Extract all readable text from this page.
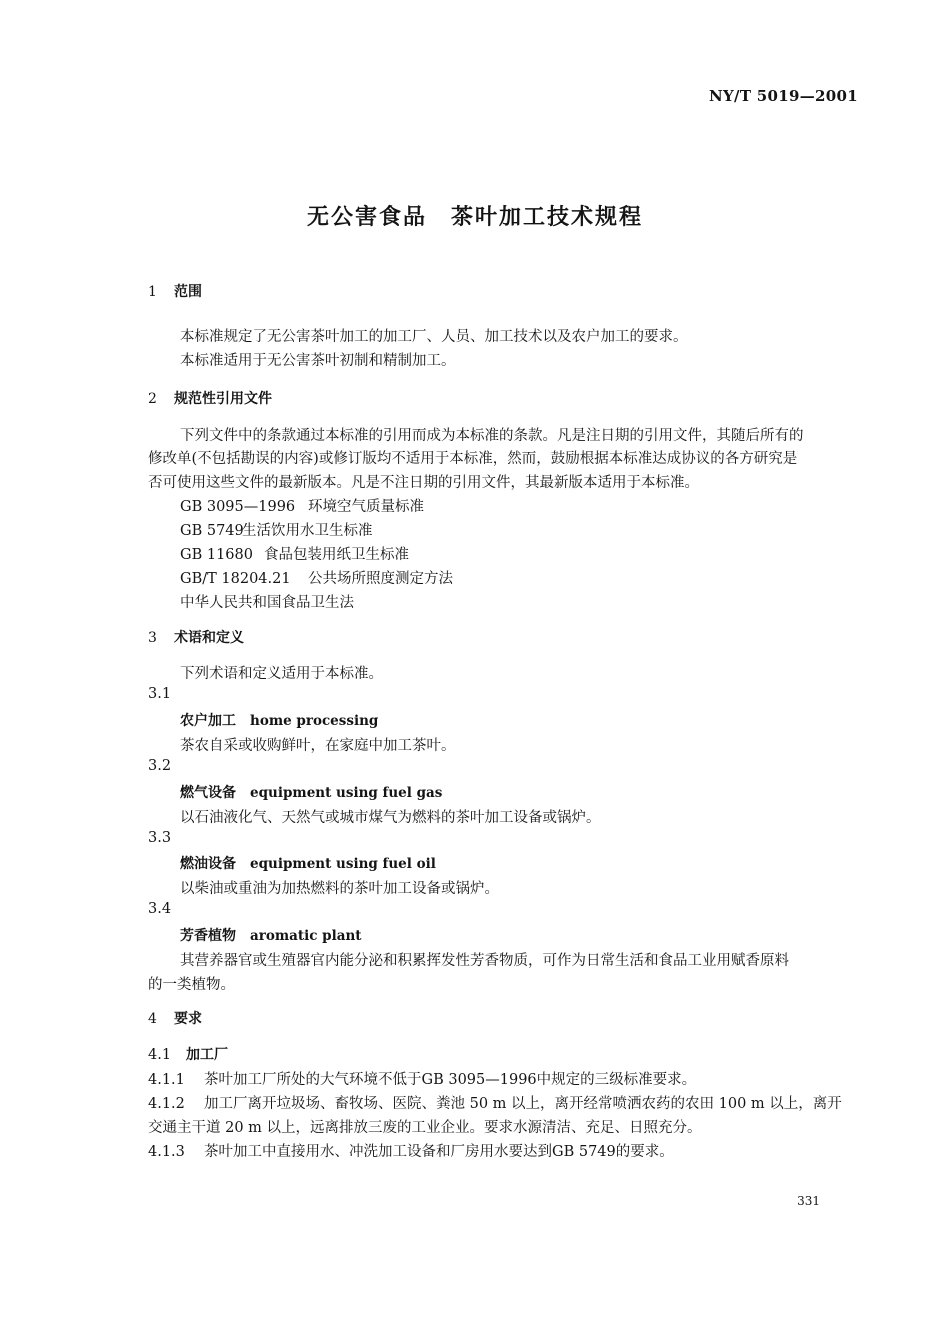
NY/T 5019—2001
无公害食品　茶叶加工技术规程
1 范围
本标准规定了无公害茶叶加工的加工厂、人员、加工技术以及农户加工的要求。
本标准适用于无公害茶叶初制和精制加工。
2 规范性引用文件
下列文件中的条款通过本标准的引用而成为本标准的条款。凡是注日期的引用文件，其随后所有的
修改单(不包括勘误的内容)或修订版均不适用于本标准，然而，鼓励根据本标准达成协议的各方研究是
否可使用这些文件的最新版本。凡是不注日期的引用文件，其最新版本适用于本标准。
GB 3095—1996 环境空气质量标准
GB 5749生活饮用水卫生标准
GB 11680 食品包装用纸卫生标准
GB/T 18204.21 公共场所照度测定方法
中华人民共和国食品卫生法
3 术语和定义
下列术语和定义适用于本标准。
3.1
农户加工 home processing
茶农自采或收购鲜叶，在家庭中加工茶叶。
3.2
燃气设备 equipment using fuel gas
以石油液化气、天然气或城市煤气为燃料的茶叶加工设备或锅炉。
3.3
燃油设备 equipment using fuel oil
以柴油或重油为加热燃料的茶叶加工设备或锅炉。
3.4
芳香植物 aromatic plant
其营养器官或生殖器官内能分泌和积累挥发性芳香物质，可作为日常生活和食品工业用赋香原料
的一类植物。
4 要求
4.1 加工厂
4.1.1 茶叶加工厂所处的大气环境不低于GB 3095—1996中规定的三级标准要求。
4.1.2 加工厂离开垃圾场、畜牧场、医院、粪池 50 m 以上，离开经常喷洒农药的农田 100 m 以上，离开
交通主干道 20 m 以上，远离排放三废的工业企业。要求水源清洁、充足、日照充分。
4.1.3 茶叶加工中直接用水、冲洗加工设备和厂房用水要达到GB 5749的要求。
331
